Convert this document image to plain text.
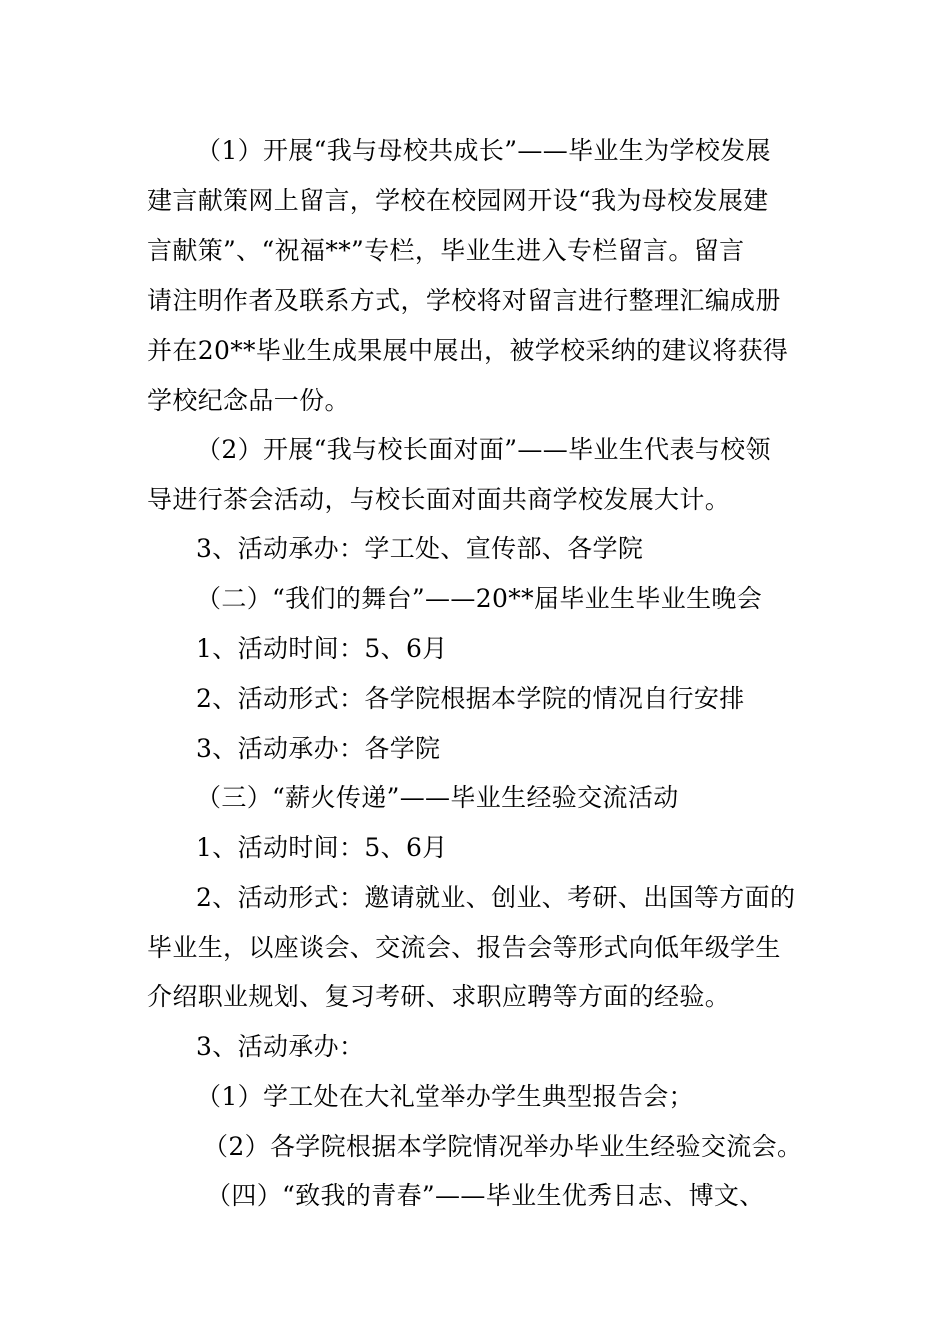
（1）开展“我与母校共成长”——毕业生为学校发展
建言献策网上留言，学校在校园网开设“我为母校发展建
言献策”、“祝福**”专栏，毕业生进入专栏留言。留言
请注明作者及联系方式，学校将对留言进行整理汇编成册
并在20**毕业生成果展中展出，被学校采纳的建议将获得
学校纪念品一份。
（2）开展“我与校长面对面”——毕业生代表与校领
导进行茶会活动，与校长面对面共商学校发展大计。
3、活动承办：学工处、宣传部、各学院
（二）“我们的舞台”——20**届毕业生毕业生晚会
1、活动时间：5、6月
2、活动形式：各学院根据本学院的情况自行安排
3、活动承办：各学院
（三）“薪火传递”——毕业生经验交流活动
1、活动时间：5、6月
2、活动形式：邀请就业、创业、考研、出国等方面的
毕业生，以座谈会、交流会、报告会等形式向低年级学生
介绍职业规划、复习考研、求职应聘等方面的经验。
3、活动承办：
（1）学工处在大礼堂举办学生典型报告会；
（2）各学院根据本学院情况举办毕业生经验交流会。
（四）“致我的青春”——毕业生优秀日志、博文、
